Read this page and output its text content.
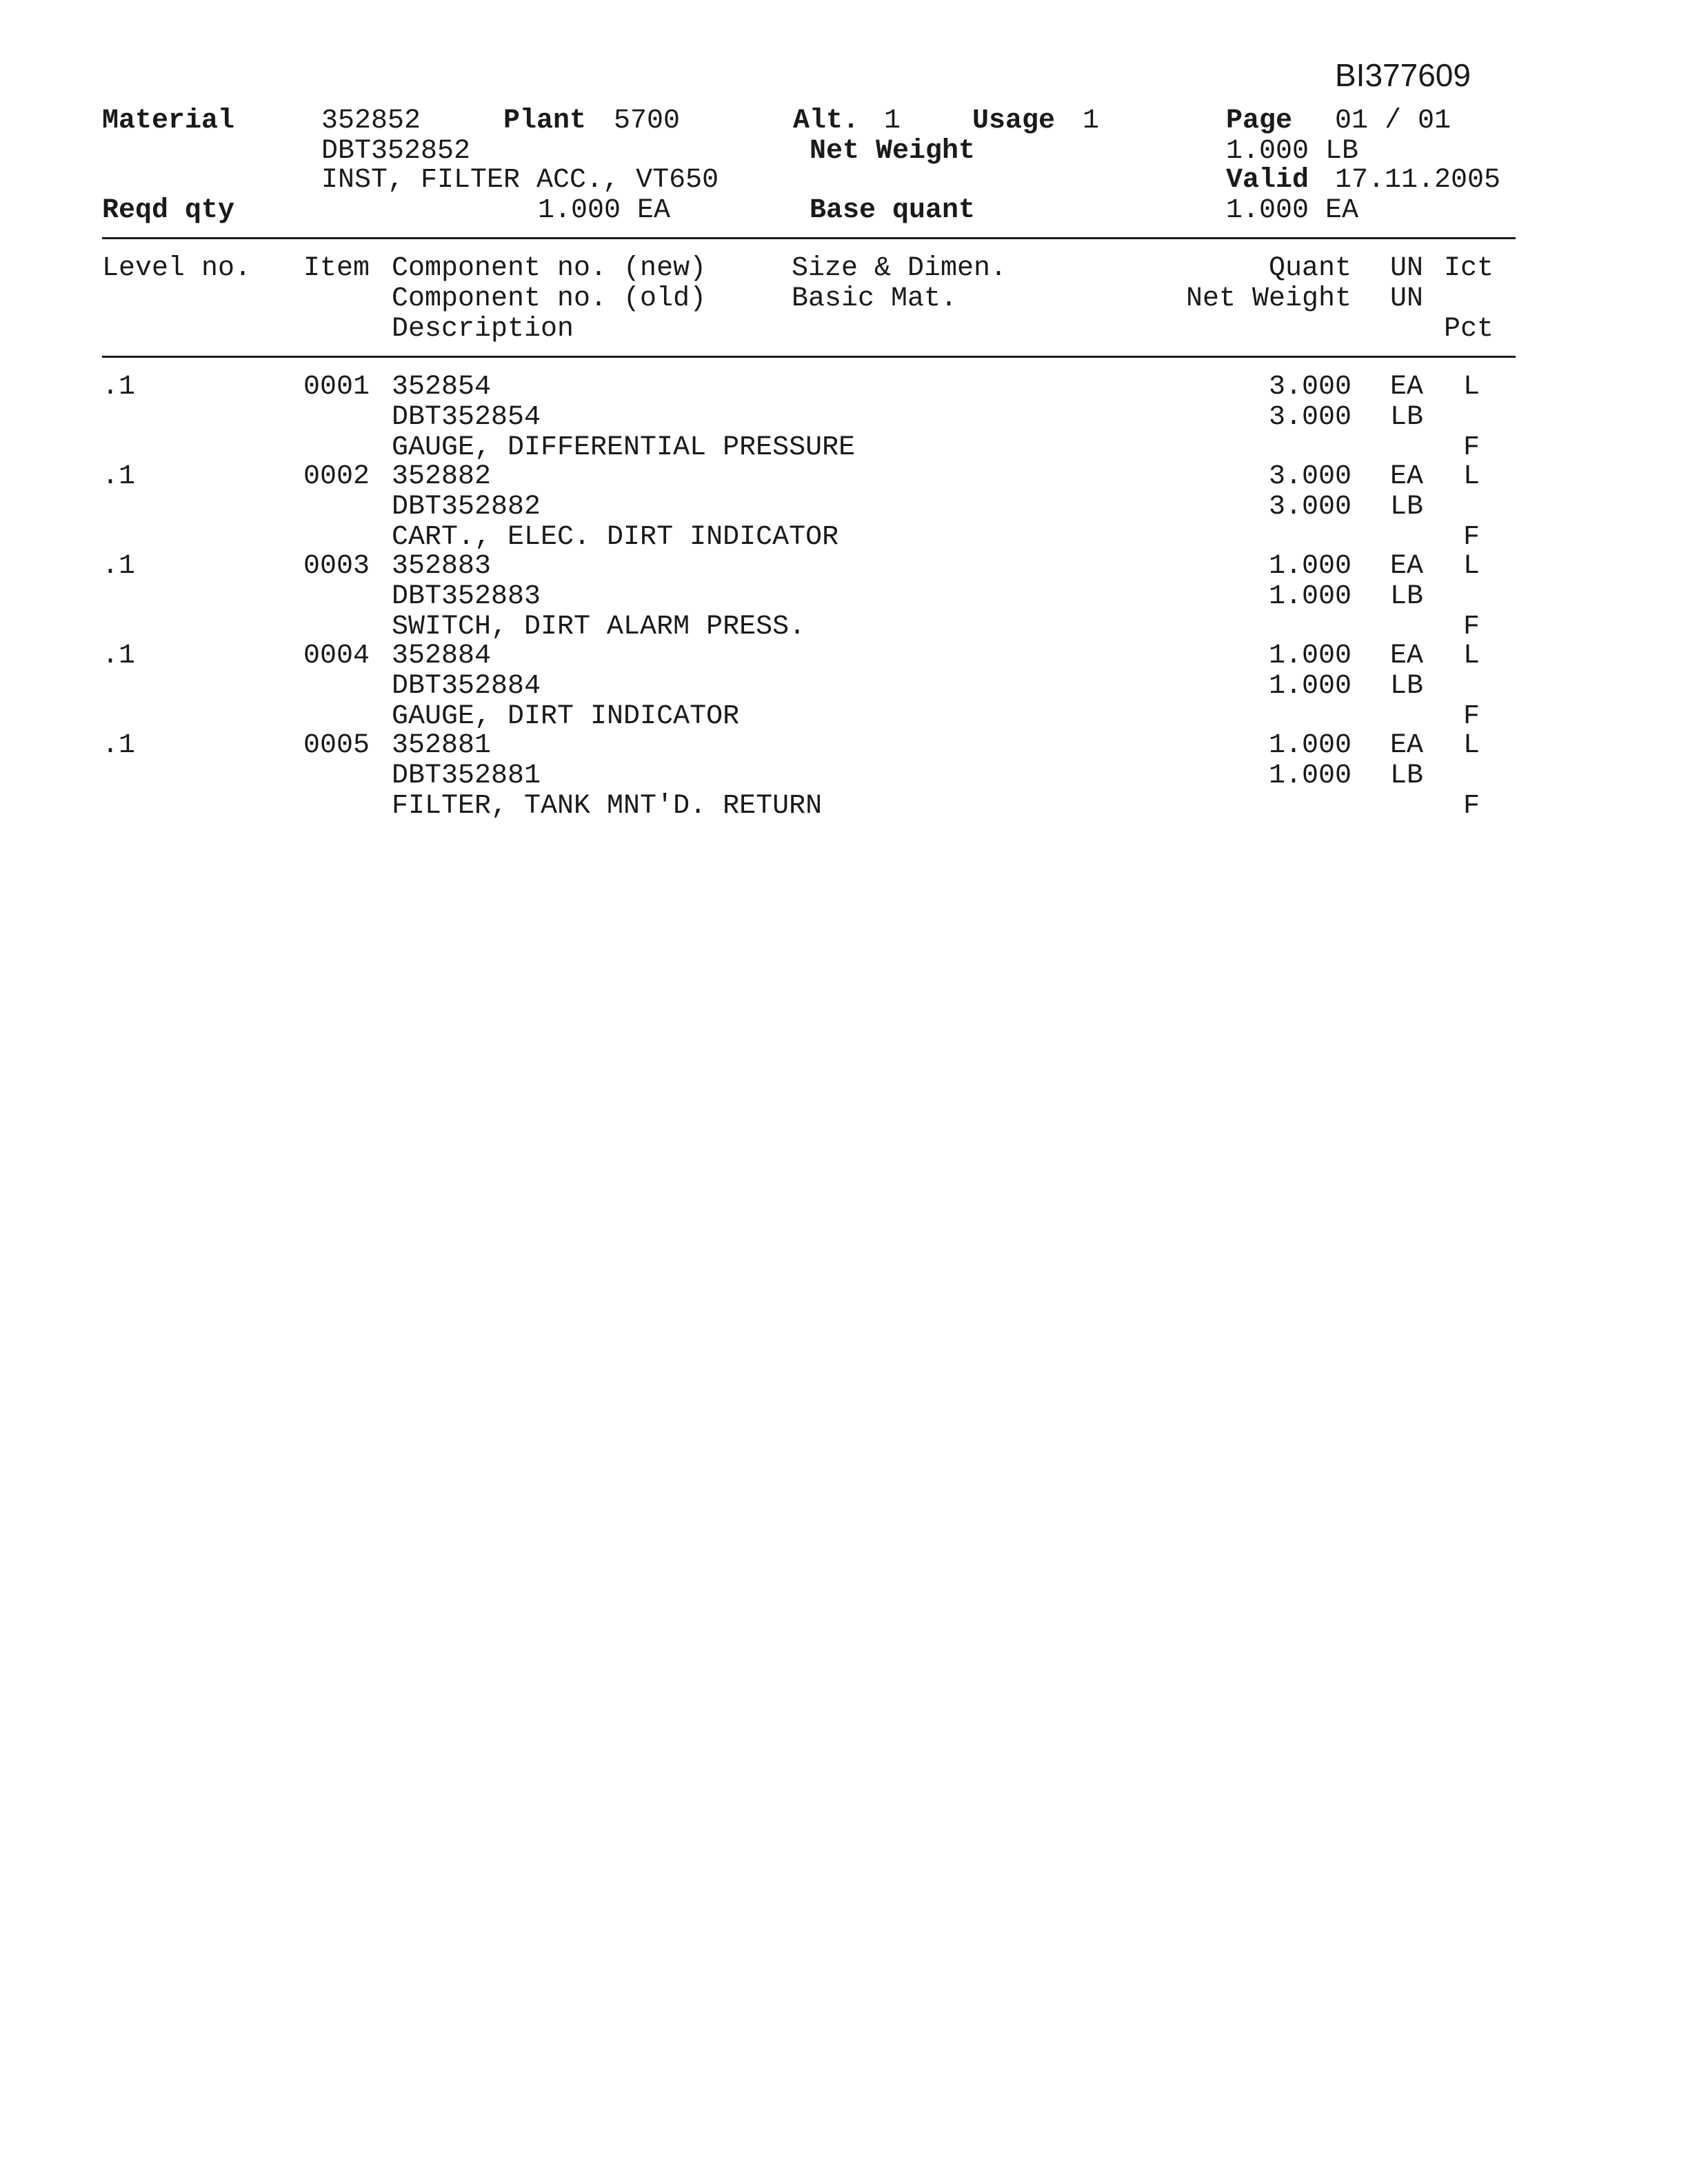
BI377609
Material	352852	Plant 5700	Alt. 1	Usage 1	Page 01 / 01
DBT352852	Net Weight	1.000 LB
INST, FILTER ACC., VT650	Valid 17.11.2005
Reqd qty	1.000 EA	Base quant	1.000 EA
Level no. Item Component no. (new)	Size & Dimen.	Quant UN Ict
Component no. (old)	Basic Mat.	Net Weight UN
Description	Pct
.1	0001 352854	3.000 EA L
DBT352854	3.000 LB
GAUGE, DIFFERENTIAL PRESSURE	F
.1	0002 352882	3.000 EA L
DBT352882	3.000 LB
CART., ELEC. DIRT INDICATOR	F
.1	0003 352883	1.000 EA L
DBT352883	1.000 LB
SWITCH, DIRT ALARM PRESS.	F
.1	0004 352884	1.000 EA L
DBT352884	1.000 LB
GAUGE, DIRT INDICATOR	F
.1	0005 352881	1.000 EA L
DBT352881	1.000 LB
FILTER, TANK MNT'D. RETURN	F
